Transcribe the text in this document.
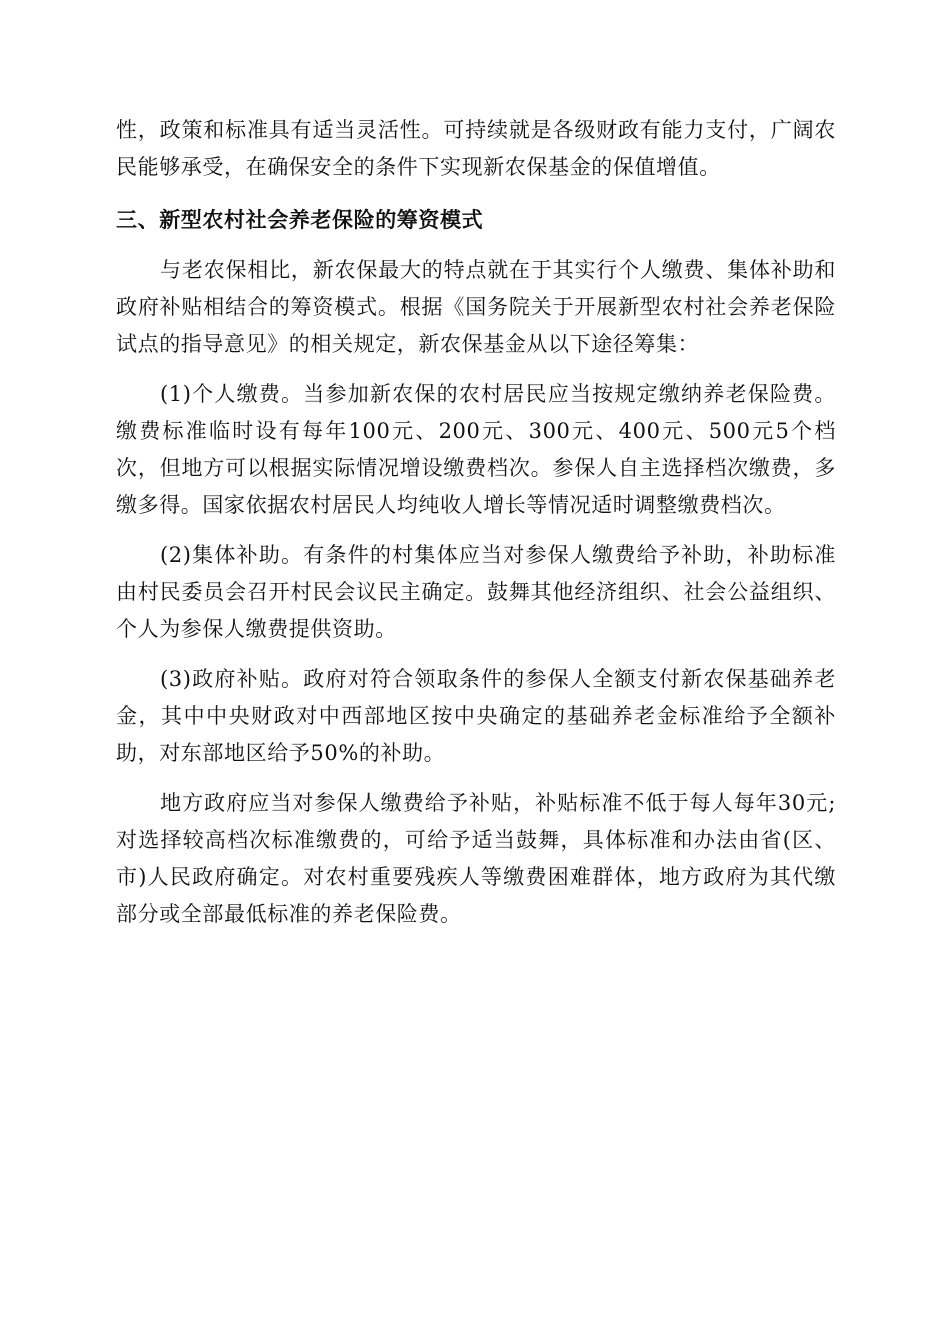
性，政策和标准具有适当灵活性。可持续就是各级财政有能力支付，广阔农民能够承受，在确保安全的条件下实现新农保基金的保值增值。

三、新型农村社会养老保险的筹资模式

与老农保相比，新农保最大的特点就在于其实行个人缴费、集体补助和政府补贴相结合的筹资模式。根据《国务院关于开展新型农村社会养老保险试点的指导意见》的相关规定，新农保基金从以下途径筹集：

(1)个人缴费。当参加新农保的农村居民应当按规定缴纳养老保险费。缴费标准临时设有每年100元、200元、300元、400元、500元5个档次，但地方可以根据实际情况增设缴费档次。参保人自主选择档次缴费，多缴多得。国家依据农村居民人均纯收人增长等情况适时调整缴费档次。

(2)集体补助。有条件的村集体应当对参保人缴费给予补助，补助标准由村民委员会召开村民会议民主确定。鼓舞其他经济组织、社会公益组织、个人为参保人缴费提供资助。

(3)政府补贴。政府对符合领取条件的参保人全额支付新农保基础养老金，其中中央财政对中西部地区按中央确定的基础养老金标准给予全额补助，对东部地区给予50%的补助。

地方政府应当对参保人缴费给予补贴，补贴标准不低于每人每年30元;对选择较高档次标准缴费的，可给予适当鼓舞，具体标准和办法由省(区、市)人民政府确定。对农村重要残疾人等缴费困难群体，地方政府为其代缴部分或全部最低标准的养老保险费。
